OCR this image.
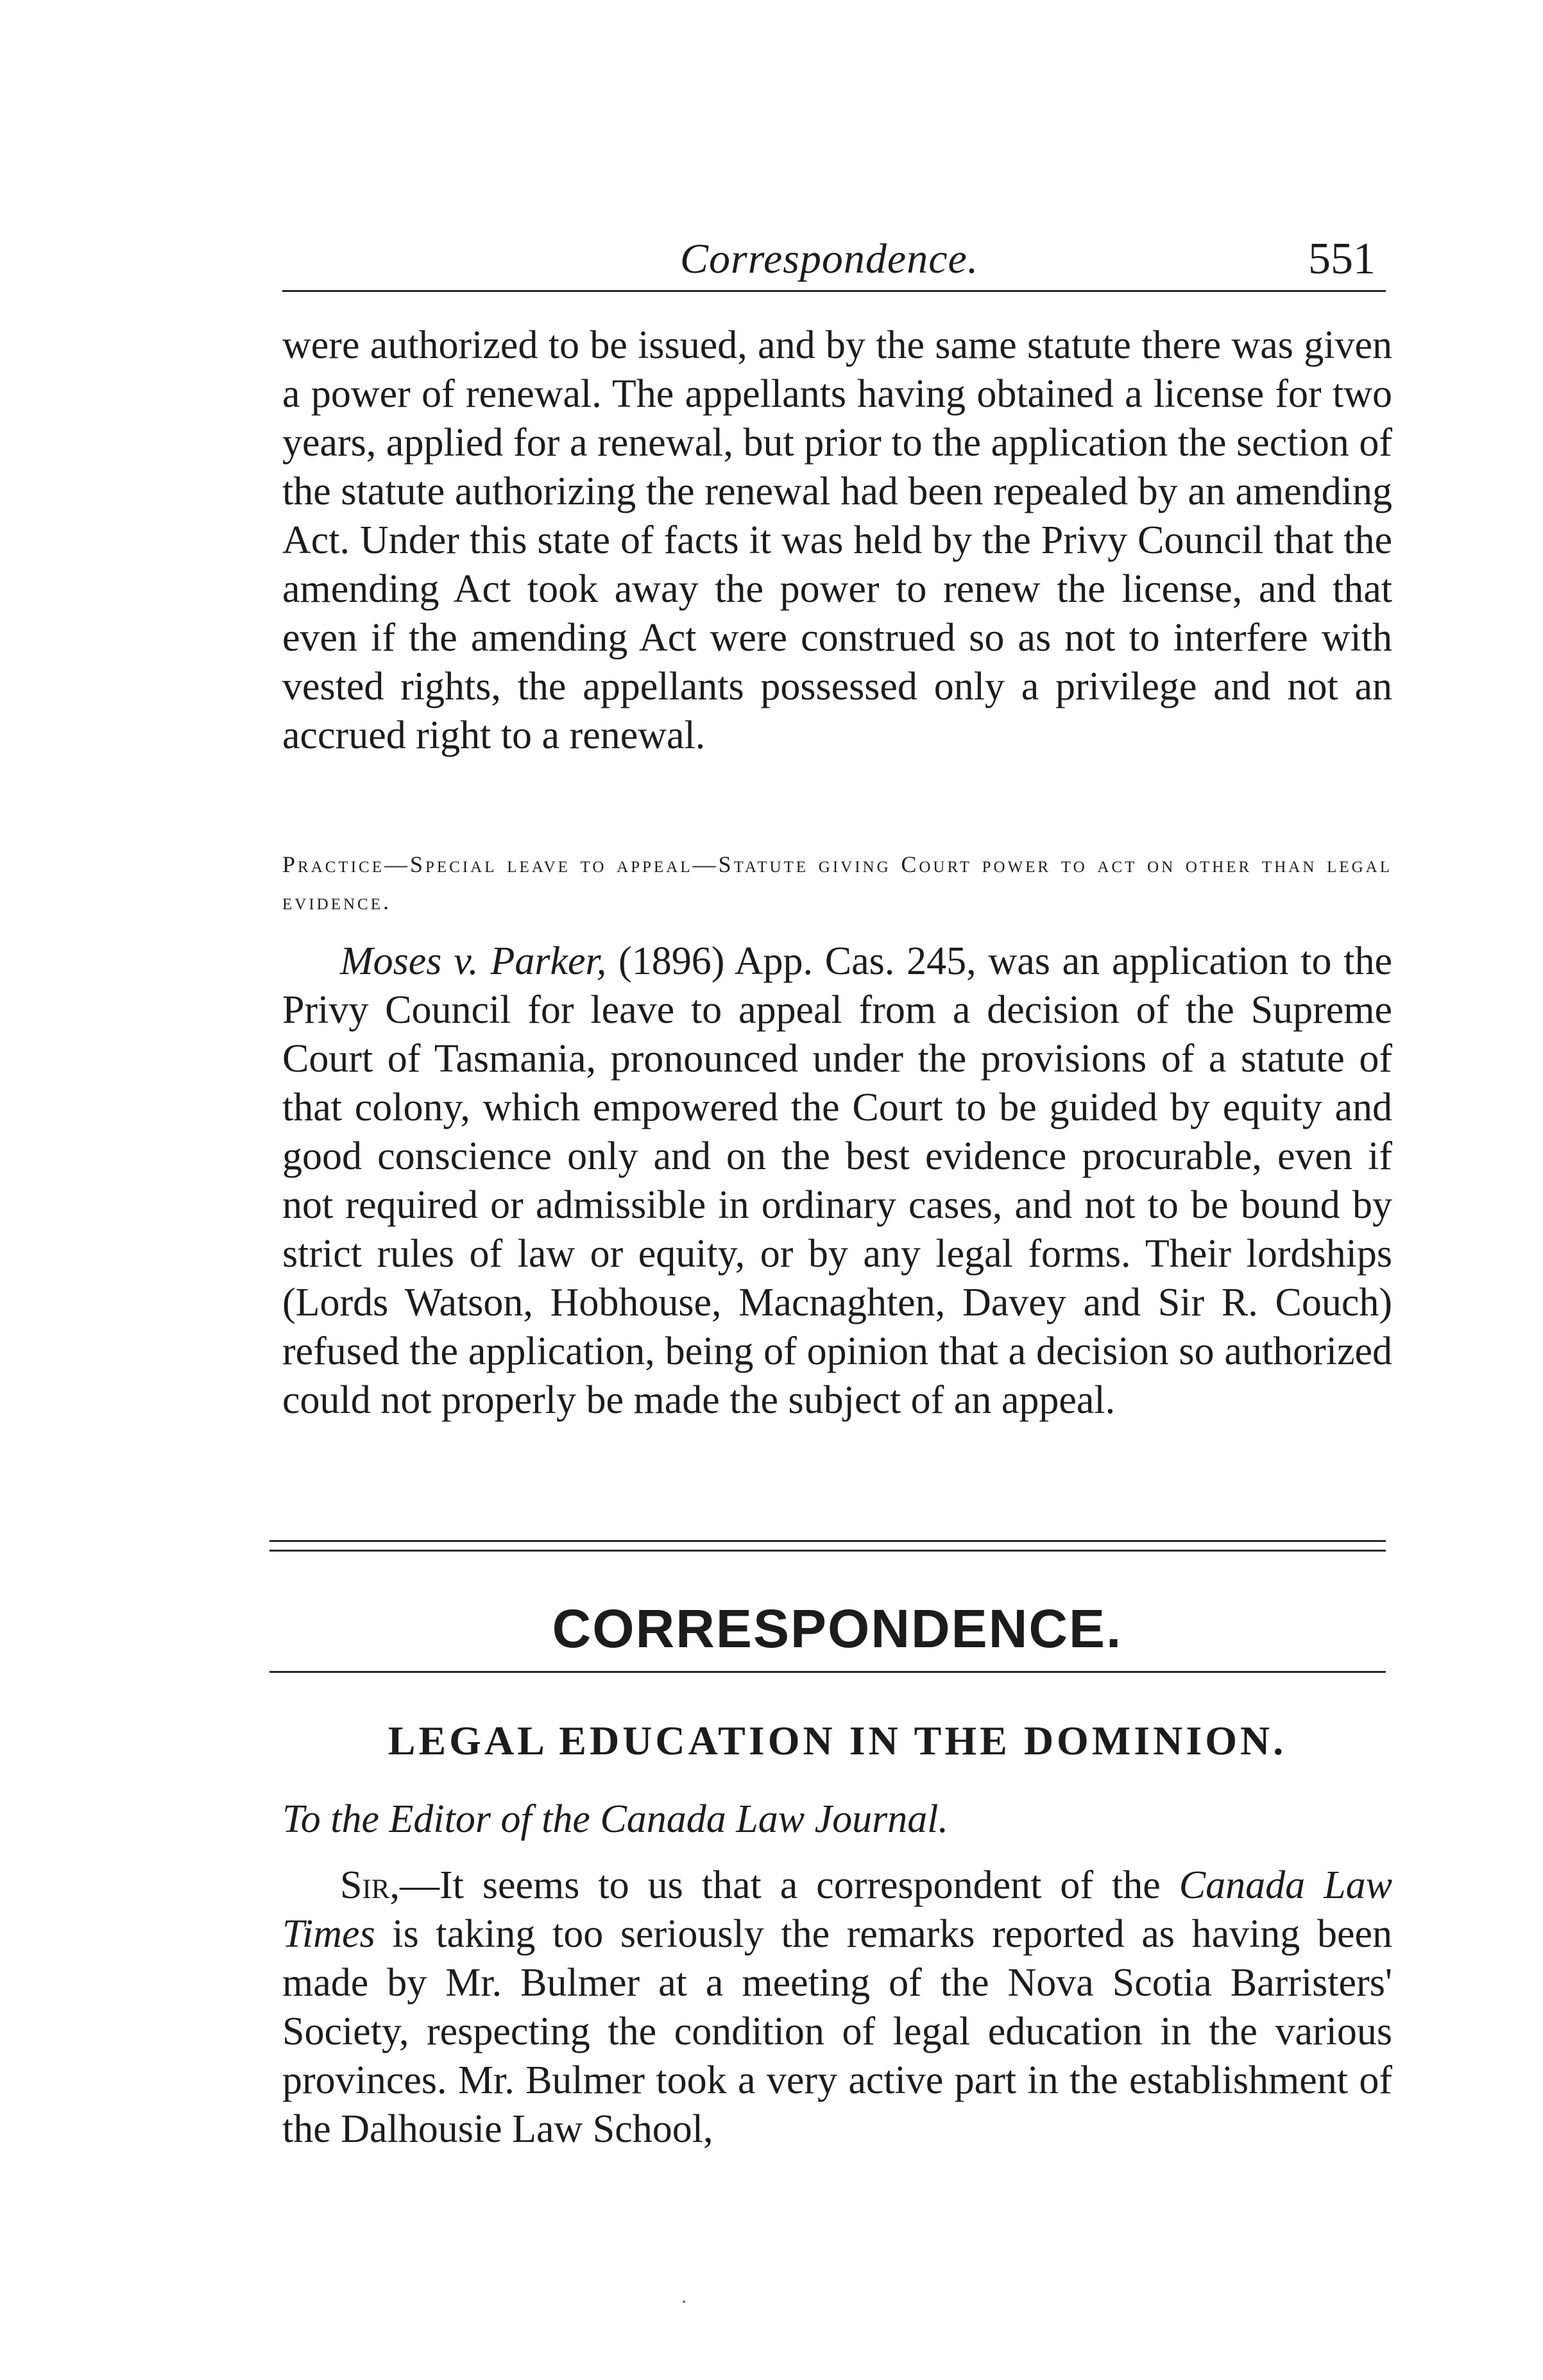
Correspondence.	551

were authorized to be issued, and by the same statute there was given a power of renewal. The appellants having obtained a license for two years, applied for a renewal, but prior to the application the section of the statute authorizing the renewal had been repealed by an amending Act. Under this state of facts it was held by the Privy Council that the amending Act took away the power to renew the license, and that even if the amending Act were construed so as not to interfere with vested rights, the appellants possessed only a privilege and not an accrued right to a renewal.

Practice—Special leave to appeal—Statute giving Court power to act on other than legal evidence.

Moses v. Parker, (1896) App. Cas. 245, was an application to the Privy Council for leave to appeal from a decision of the Supreme Court of Tasmania, pronounced under the provisions of a statute of that colony, which empowered the Court to be guided by equity and good conscience only and on the best evidence procurable, even if not required or admissible in ordinary cases, and not to be bound by strict rules of law or equity, or by any legal forms. Their lordships (Lords Watson, Hobhouse, Macnaghten, Davey and Sir R. Couch) refused the application, being of opinion that a decision so authorized could not properly be made the subject of an appeal.

CORRESPONDENCE.
LEGAL EDUCATION IN THE DOMINION.

To the Editor of the Canada Law Journal.

Sir,—It seems to us that a correspondent of the Canada Law Times is taking too seriously the remarks reported as having been made by Mr. Bulmer at a meeting of the Nova Scotia Barristers' Society, respecting the condition of legal education in the various provinces. Mr. Bulmer took a very active part in the establishment of the Dalhousie Law School,
